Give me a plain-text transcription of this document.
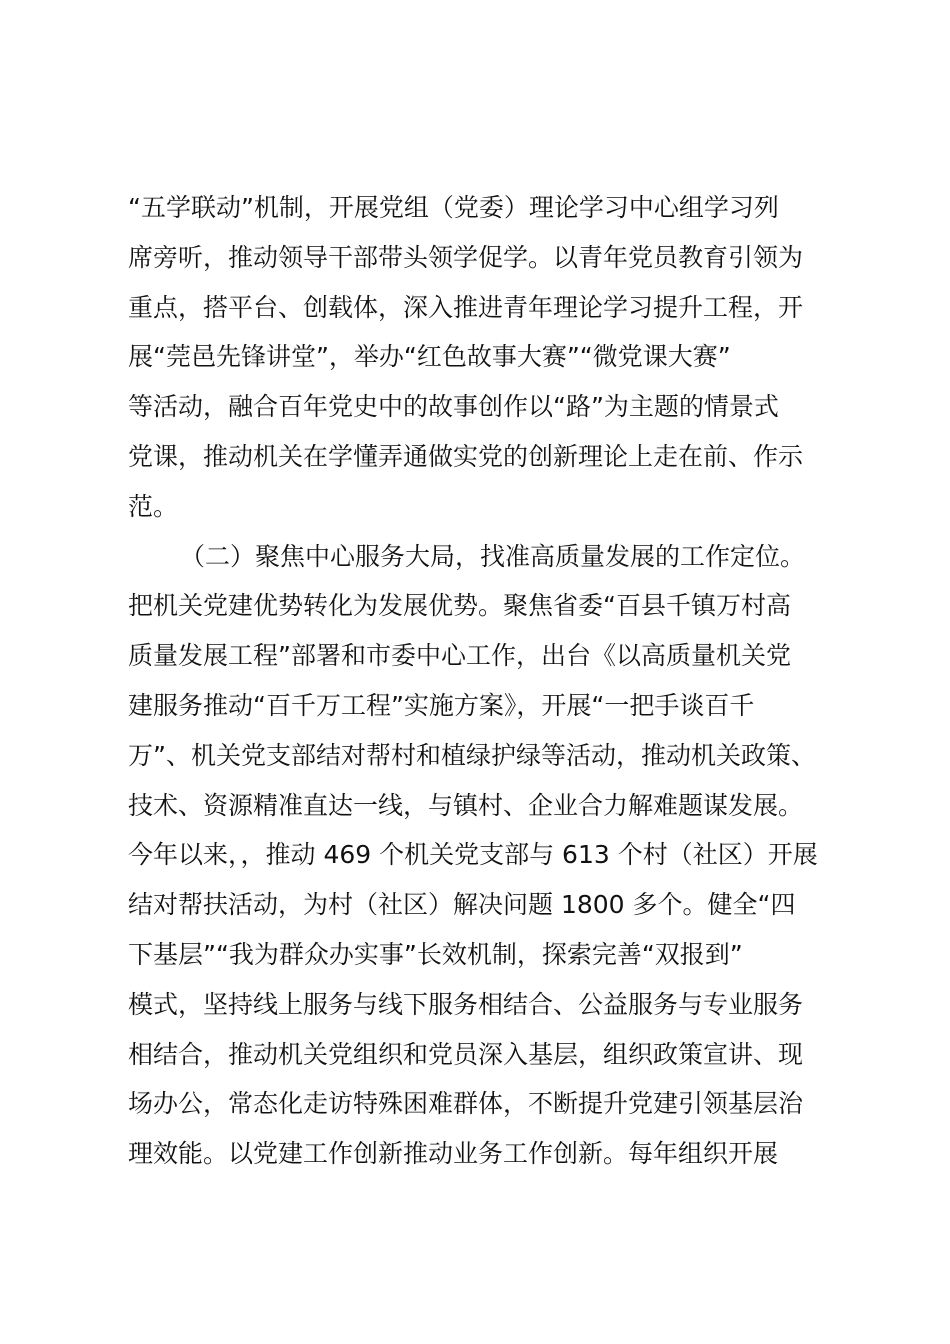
“五学联动”机制，开展党组（党委）理论学习中心组学习列
席旁听，推动领导干部带头领学促学。以青年党员教育引领为
重点，搭平台、创载体，深入推进青年理论学习提升工程，开
展“莞邑先锋讲堂”，举办“红色故事大赛”“微党课大赛”
等活动，融合百年党史中的故事创作以“路”为主题的情景式
党课，推动机关在学懂弄通做实党的创新理论上走在前、作示
范。
（二）聚焦中心服务大局，找准高质量发展的工作定位。
把机关党建优势转化为发展优势。聚焦省委“百县千镇万村高
质量发展工程”部署和市委中心工作，出台《以高质量机关党
建服务推动“百千万工程”实施方案》，开展“一把手谈百千
万”、机关党支部结对帮村和植绿护绿等活动，推动机关政策、
技术、资源精准直达一线，与镇村、企业合力解难题谋发展。
今年以来，，推动 469 个机关党支部与 613 个村（社区）开展
结对帮扶活动，为村（社区）解决问题 1800 多个。健全“四
下基层”“我为群众办实事”长效机制，探索完善“双报到”
模式，坚持线上服务与线下服务相结合、公益服务与专业服务
相结合，推动机关党组织和党员深入基层，组织政策宣讲、现
场办公，常态化走访特殊困难群体，不断提升党建引领基层治
理效能。以党建工作创新推动业务工作创新。每年组织开展
